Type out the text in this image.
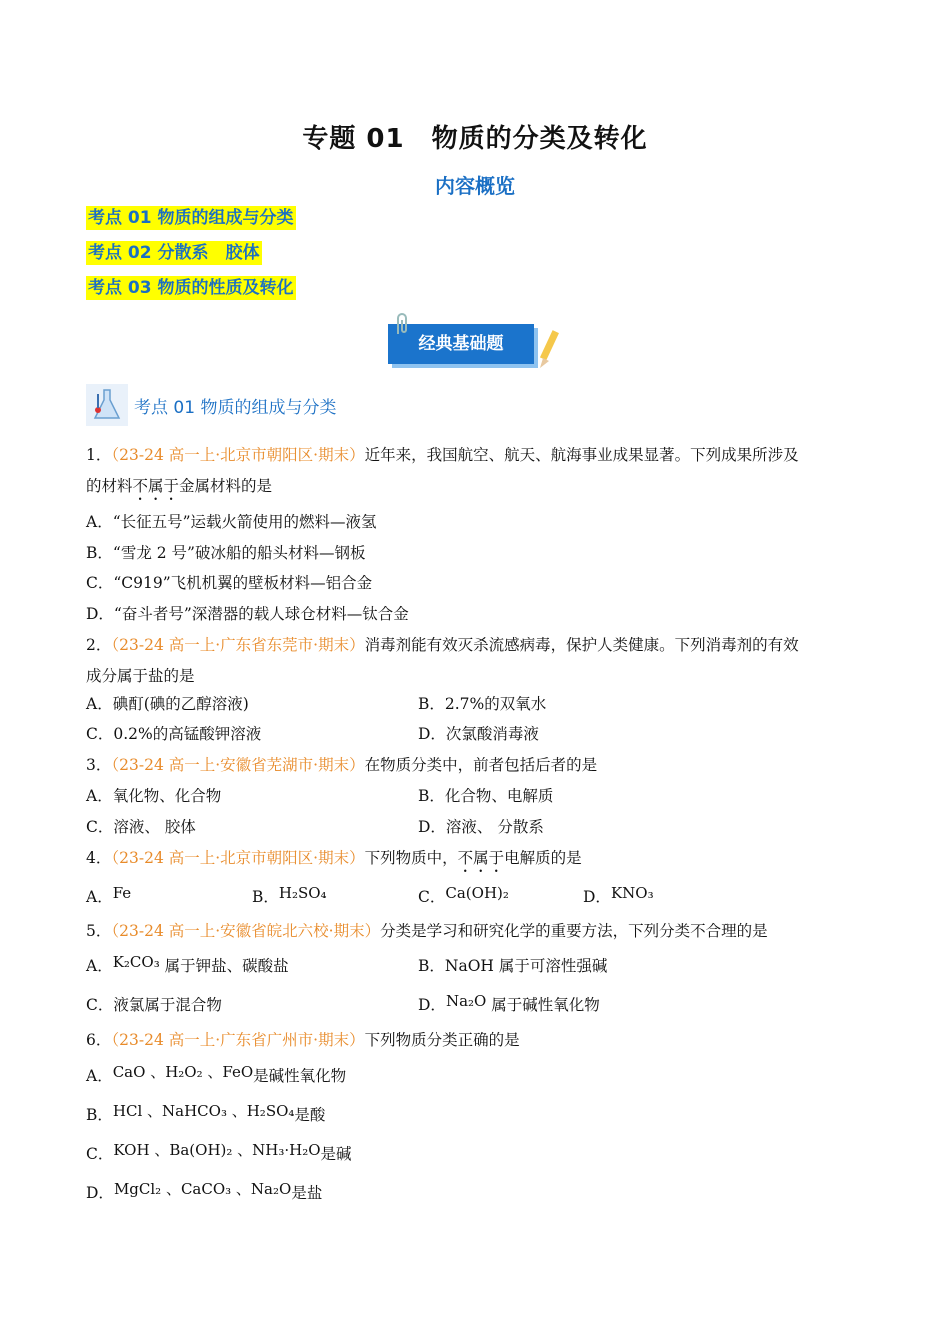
专题 01　物质的分类及转化
内容概览
考点 01 物质的组成与分类
考点 02 分散系　胶体
考点 03 物质的性质及转化
经典基础题
考点 01 物质的组成与分类
1．（23-24 高一上·北京市朝阳区·期末）近年来，我国航空、航天、航海事业成果显著。下列成果所涉及
的材料不属于金属材料的是
A．“长征五号”运载火箭使用的燃料—液氢
B．“雪龙 2 号”破冰船的船头材料—钢板
C．“C919”飞机机翼的壁板材料—铝合金
D．“奋斗者号”深潜器的载人球仓材料—钛合金
2．（23-24 高一上·广东省东莞市·期末）消毒剂能有效灭杀流感病毒，保护人类健康。下列消毒剂的有效
成分属于盐的是
A．碘酊(碘的乙醇溶液)	B．2.7%的双氧水
C．0.2%的高锰酸钾溶液	D．次氯酸消毒液
3．（23-24 高一上·安徽省芜湖市·期末）在物质分类中，前者包括后者的是
A．氧化物、化合物	B．化合物、电解质
C．溶液、 胶体	D．溶液、 分散系
4．（23-24 高一上·北京市朝阳区·期末）下列物质中，不属于电解质的是
A．Fe	B．H₂SO₄	C．Ca(OH)₂	D．KNO₃
5．（23-24 高一上·安徽省皖北六校·期末）分类是学习和研究化学的重要方法，下列分类不合理的是
A．K₂CO₃ 属于钾盐、碳酸盐	B．NaOH 属于可溶性强碱
C．液氯属于混合物	D．Na₂O 属于碱性氧化物
6．（23-24 高一上·广东省广州市·期末）下列物质分类正确的是
A．CaO 、H₂O₂ 、FeO是碱性氧化物
B．HCl 、NaHCO₃ 、H₂SO₄是酸
C．KOH 、Ba(OH)₂ 、NH₃·H₂O是碱
D．MgCl₂ 、CaCO₃ 、Na₂O是盐
